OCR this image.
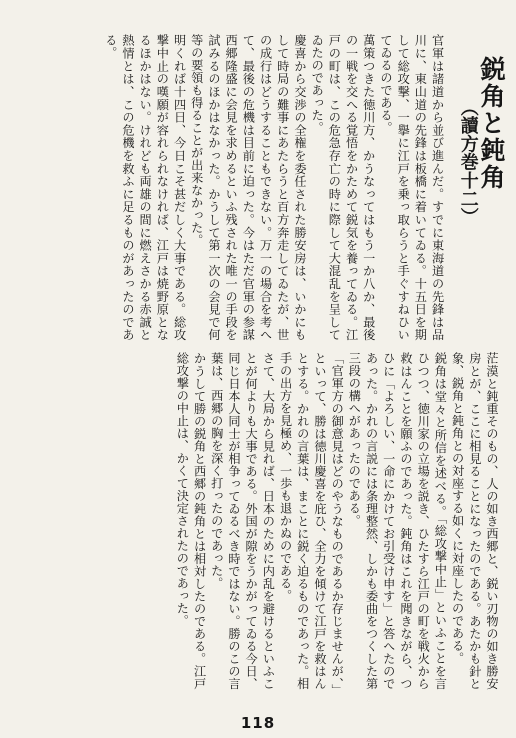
鋭角と鈍角
（讀方巻十二）

官軍は諸道から並び進んだ。すでに東海道の先鋒は品川に、東山道の先鋒は板橋に着いてゐる。十五日を期して総攻撃、一擧に江戸を乗っ取らうと手ぐすねひいてゐるのである。

萬策つきた徳川方、かうなってはもう一か八か、最後の一戦を交へる覚悟をかためて鋭気を養ってゐる。江戸の町は、この危急存亡の時に際して大混乱を呈してゐたのであった。

慶喜から交渉の全権を委任された勝安房は、いかにもして時局の難事にあたらうと百方奔走してゐたが、世の成行はどうすることもできない。万一の場合を考へて、最後の危機は目前に迫った。今はただ官軍の参謀西郷隆盛に会見を求めるといふ残された唯一の手段を試みるのほかはなかった。かうして第一次の会見で何等の要領も得ることが出来なかった。

明くれば十四日、今日こそ甚だしく大事である。総攻撃中止の嘆願が容れられなければ、江戸は焼野原となるほかはない。けれども両雄の間に燃えさかる赤誠と熱情とは、この危機を救ふに足るものがあったのである。

茫漠と鈍重そのもの、人の如き西郷と、鋭い刃物の如き勝安房とが、ここに相見ることになったのである。あたかも針と象、鋭角と鈍角との対座する如くに対座したのである。

鋭角は堂々と所信を述べる。「総攻撃中止」といふことを言ひつつ、徳川家の立場を説き、ひたすら江戸の町を戦火から救はんことを願ふのであった。鈍角はこれを聞きながら、つひに「よろしい、一命にかけてお引受け申す」と答へたのであった。かれの言説には条理整然、しかも委曲をつくした第三段の構へがあったのである。

「官軍方の御意見はどのやうなものであるか存じませんが、」といって、勝は徳川慶喜を庇ひ、全力を傾けて江戸を救はんとする。かれの言葉は、まことに鋭く迫るものであった。相手の出方を見極め、一歩も退かぬのである。

さて、大局から見れば、日本のために内乱を避けるといふことが何よりも大事である。外国が隙をうかがってゐる今日、同じ日本人同士が相争ってゐるべき時ではない。勝のこの言葉は、西郷の胸を深く打ったのであった。

かうして勝の鋭角と西郷の鈍角とは相対したのである。江戸総攻撃の中止は、かくて決定されたのであった。

118
